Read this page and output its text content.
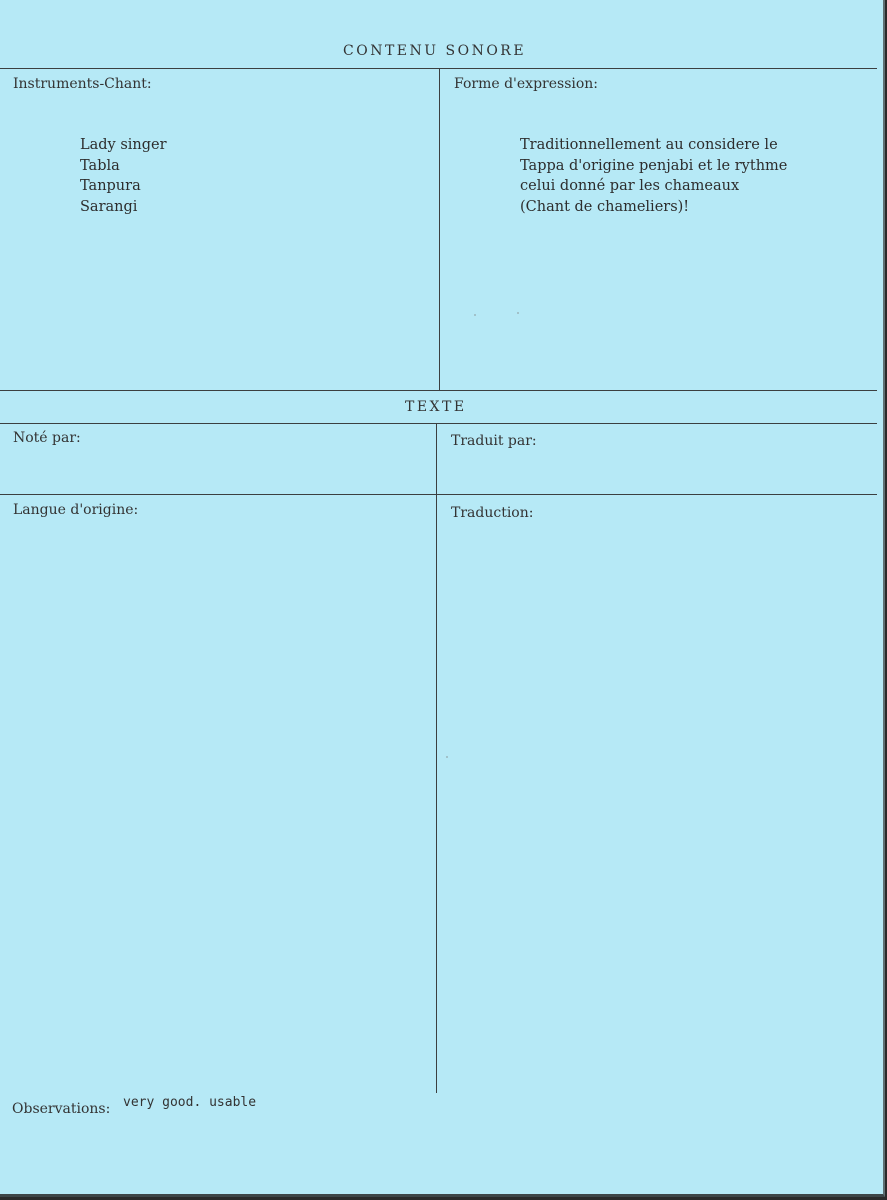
CONTENU SONORE
Instruments-Chant:
Lady singer
Tabla
Tanpura
Sarangi
Forme d'expression:
Traditionnellement au considere le
Tappa d'origine penjabi et le rythme
celui donné par les chameaux
(Chant de chameliers)!
TEXTE
Noté par:	Traduit par:
Langue d'origine:	Traduction:
Observations: very good. usable
